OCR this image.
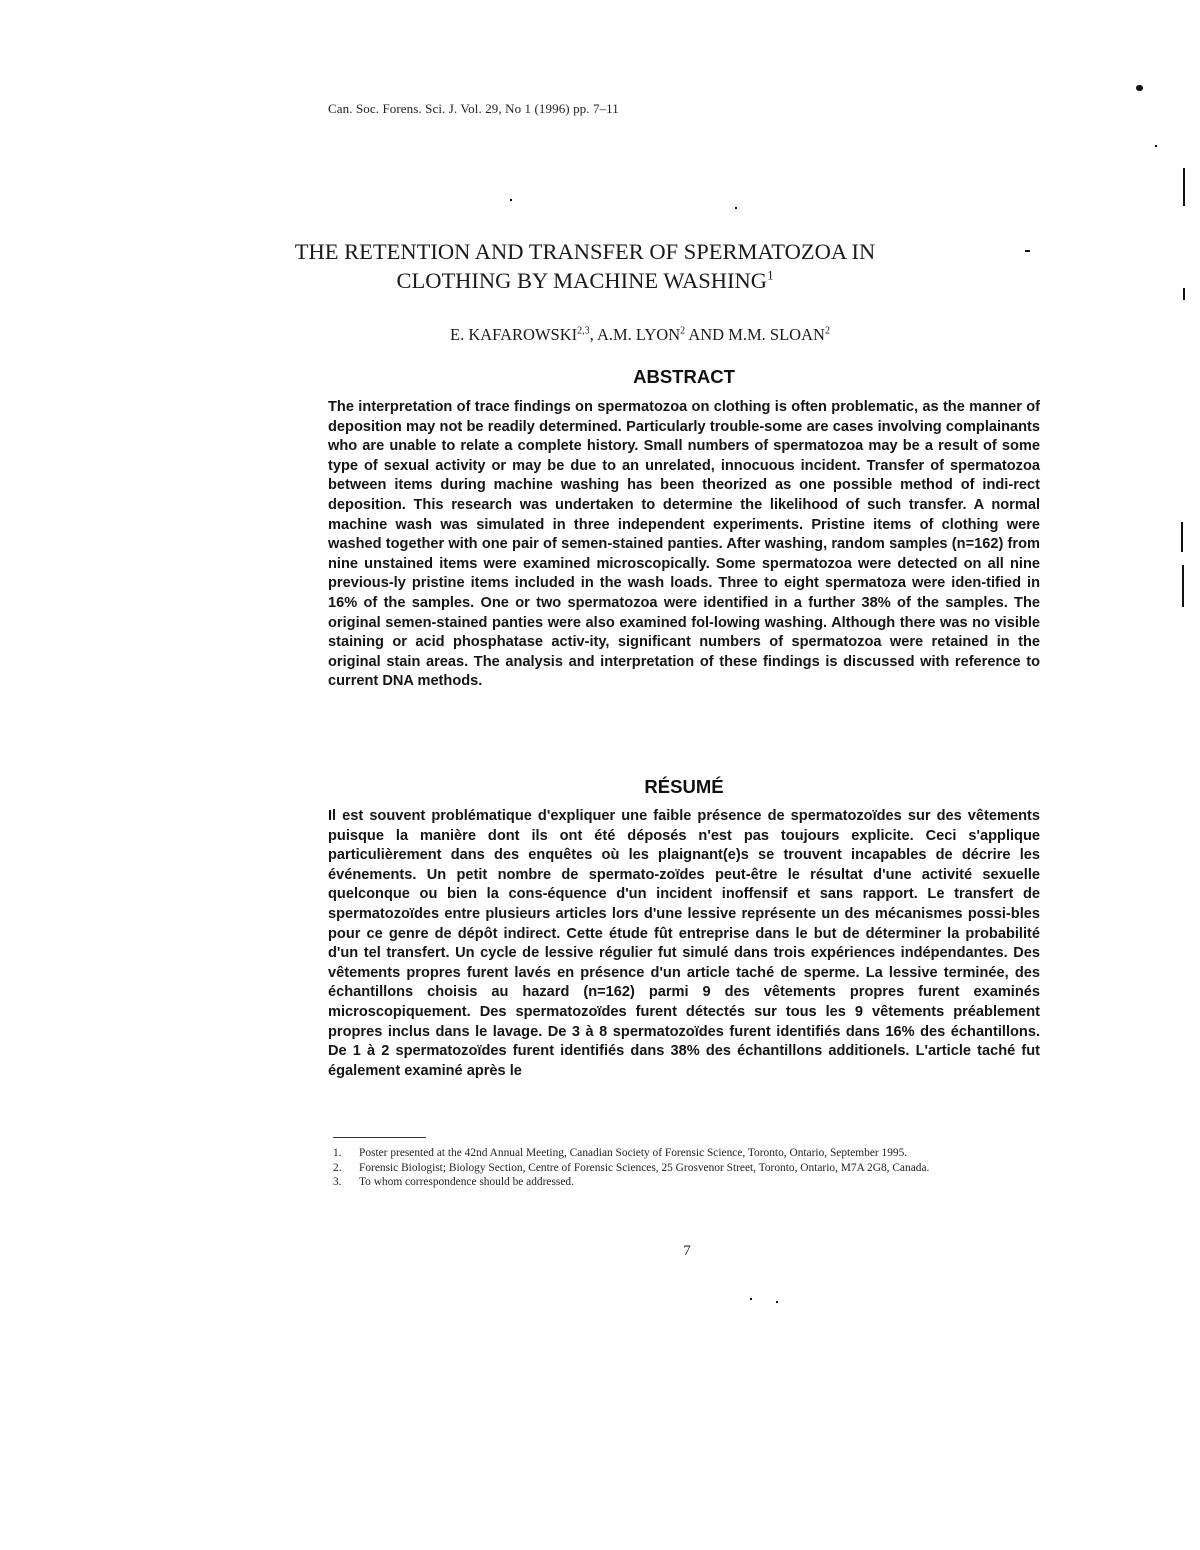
Can. Soc. Forens. Sci. J. Vol. 29, No 1 (1996) pp. 7–11
THE RETENTION AND TRANSFER OF SPERMATOZOA IN
CLOTHING BY MACHINE WASHING$^1$
E. KAFAROWSKI$^{2,3}$, A.M. LYON$^2$ AND M.M. SLOAN$^2$
ABSTRACT

The interpretation of trace findings on spermatozoa on clothing is often problematic, as the manner of deposition may not be readily determined. Particularly trouble-some are cases involving complainants who are unable to relate a complete history. Small numbers of spermatozoa may be a result of some type of sexual activity or may be due to an unrelated, innocuous incident. Transfer of spermatozoa between items during machine washing has been theorized as one possible method of indi-rect deposition. This research was undertaken to determine the likelihood of such transfer. A normal machine wash was simulated in three independent experiments. Pristine items of clothing were washed together with one pair of semen-stained panties. After washing, random samples (n=162) from nine unstained items were examined microscopically. Some spermatozoa were detected on all nine previous-ly pristine items included in the wash loads. Three to eight spermatoza were iden-tified in 16% of the samples. One or two spermatozoa were identified in a further 38% of the samples. The original semen-stained panties were also examined fol-lowing washing. Although there was no visible staining or acid phosphatase activ-ity, significant numbers of spermatozoa were retained in the original stain areas. The analysis and interpretation of these findings is discussed with reference to current DNA methods.

RÉSUMÉ

Il est souvent problématique d'expliquer une faible présence de spermatozoïdes sur des vêtements puisque la manière dont ils ont été déposés n'est pas toujours explicite. Ceci s'applique particulièrement dans des enquêtes où les plaignant(e)s se trouvent incapables de décrire les événements. Un petit nombre de spermato-zoïdes peut-être le résultat d'une activité sexuelle quelconque ou bien la cons-équence d'un incident inoffensif et sans rapport. Le transfert de spermatozoïdes entre plusieurs articles lors d'une lessive représente un des mécanismes possi-bles pour ce genre de dépôt indirect. Cette étude fût entreprise dans le but de déterminer la probabilité d'un tel transfert. Un cycle de lessive régulier fut simulé dans trois expériences indépendantes. Des vêtements propres furent lavés en présence d'un article taché de sperme. La lessive terminée, des échantillons choisis au hazard (n=162) parmi 9 des vêtements propres furent examinés microscopiquement. Des spermatozoïdes furent détectés sur tous les 9 vêtements préablement propres inclus dans le lavage. De 3 à 8 spermatozoïdes furent identifiés dans 16% des échantillons. De 1 à 2 spermatozoïdes furent identifiés dans 38% des échantillons additionels. L'article taché fut également examiné après le

1.	Poster presented at the 42nd Annual Meeting, Canadian Society of Forensic Science, Toronto, Ontario, September 1995.
2.	Forensic Biologist; Biology Section, Centre of Forensic Sciences, 25 Grosvenor Street, Toronto, Ontario, M7A 2G8, Canada.
3.	To whom correspondence should be addressed.
7
